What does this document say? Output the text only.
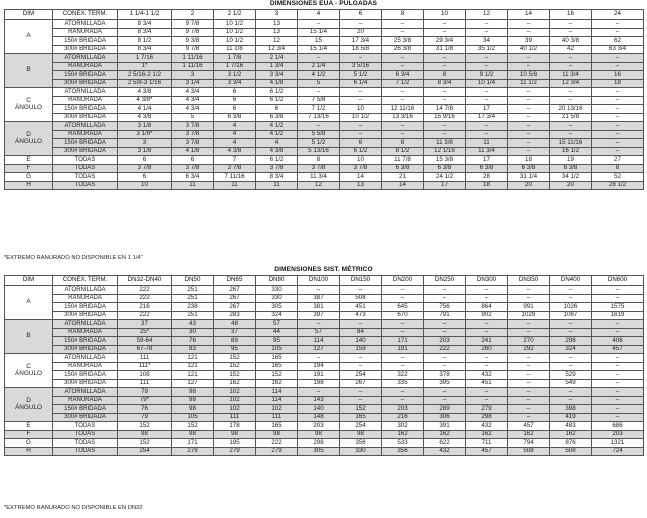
DIMENSIONES EUA - PULGADAS
DIM	CONEX. TERM.	1 1/4-1 1/2	2	2 1/2	3	4	6	8	10	12	14	16	24
A	ATORNILLADA	8 3/4	9 7/8	10 1/2	13	–	–	–	–	–	–	–	–
	RANURADA	8 3/4	9 7/8	10 1/2	13	15 1/4	20	–	–	–	–	–	–
	150# BRIDADA	8 1/2	9 3/8	10 1/2	12	15	17 3/4	25 3/8	29 3/4	34	39	40 3/8	62
	300# BRIDADA	8 3/4	9 7/8	11 1/8	12 3/4	15 1/4	18 5/8	26 3/8	31 1/8	35 1/2	40 1/2	42	63 3/4
B	ATORNILLADA	1 7/16	1 11/16	1 7/8	2 1/4	–	–	–	–	–	–	–	–
	RANURADA	1*	1 11/16	1 7/16	1 3/4	2 1/4	3 5/16	–	–	–	–	–	–
	150# BRIDADA	2 5/16-2 1/2	3	3 1/2	3 3/4	4 1/2	5 1/2	6 3/4	8	9 1/2	10 5/8	11 3/4	16
	300# BRIDADA	2 5/8-3 1/16	3 1/4	3 3/4	4 1/8	5	6 1/4	7 1/2	8 3/4	10 1/4	11 1/2	12 3/4	18
C
ÁNGULO	ATORNILLADA	4 3/8	4 3/4	6	6 1/2	–	–	–	–	–	–	–	–
	RANURADA	4 3/8*	4 3/4	6	6 1/2	7 5/8	–	–	–	–	–	–	–
	150# BRIDADA	4 1/4	4 3/4	6	6	7 1/2	10	12 11/16	14 7/8	17	–	20 13/16	–
	300# BRIDADA	4 3/8	5	6 3/8	6 3/8	7 13/16	10 1/2	13 3/16	15 9/16	17 3/4	–	21 5/8	–
D
ÁNGULO	ATORNILLADA	3 1/8	3 7/8	4	4 1/2	–	–	–	–	–	–	–	–
	RANURADA	3 1/8*	3 7/8	4	4 1/2	5 5/8	–	–	–	–	–	–	–
	150# BRIDADA	3	3 7/8	4	4	5 1/2	6	8	11 3/8	11	–	15 11/16	–
	300# BRIDADA	3 1/8	4 1/8	4 3/8	4 3/8	5 13/16	6 1/2	8 1/2	12 1/16	11 3/4	–	16 1/2	–
E	TODAS	6	6	7	6 1/2	8	10	11 7/8	15 3/8	17	18	19	27
F	TODAS	3 7/8	3 7/8	3 7/8	3 7/8	3 7/8	3 7/8	6 3/8	6 3/8	6 3/8	6 3/8	6 3/8	8
G	TODAS	6	6 3/4	7 11/16	8 3/4	11 3/4	14	21	24 1/2	28	31 1/4	34 1/2	52
H	TODAS	10	11	11	11	12	13	14	17	18	20	20	28 1/2
*EXTREMO RANURADO NO DISPONIBLE EN 1 1/4"
DIMENSIONES SIST. MÉTRICO
DIM	CONEX. TERM.	DN32-DN40	DN50	DN65	DN80	DN100	DN150	DN200	DN250	DN300	DN350	DN400	DN600
A	ATORNILLADA	222	251	267	330	–	–	–	–	–	–	–	–
	RANURADA	222	251	267	330	387	508	–	–	–	–	–	–
	150# BRIDADA	216	238	267	305	381	451	645	756	864	991	1026	1575
	300# BRIDADA	222	251	283	324	397	473	670	791	902	1029	1067	1619
B	ATORNILLADA	37	43	48	57	–	–	–	–	–	–	–	–
	RANURADA	25*	30	37	44	57	84	–	–	–	–	–	–
	150# BRIDADA	59-64	76	89	95	114	140	171	203	241	270	298	406
	300# BRIDADA	67-78	83	95	105	127	159	191	222	260	292	324	457
C
ÁNGULO	ATORNILLADA	111	121	152	165	–	–	–	–	–	–	–	–
	RANURADA	111*	121	152	165	194	–	–	–	–	–	–	–
	150# BRIDADA	108	121	152	152	191	254	322	378	432	–	529	–
	300# BRIDADA	111	127	162	162	198	267	335	395	451	–	549	–
D
ÁNGULO	ATORNILLADA	79	98	102	114	–	–	–	–	–	–	–	–
	RANURADA	79*	98	102	114	143	–	–	–	–	–	–	–
	150# BRIDADA	76	98	102	102	140	152	203	289	279	–	398	–
	300# BRIDADA	79	105	111	111	148	165	216	306	298	–	419	–
E	TODAS	152	152	178	165	203	254	302	391	432	457	483	686
F	TODAS	98	98	98	98	98	98	162	162	162	162	162	203
G	TODAS	152	171	195	222	298	356	533	622	711	794	876	1321
H	TODAS	254	279	279	279	305	330	356	432	457	508	508	724
*EXTREMO RANURADO NO DISPONIBLE EN DN32
